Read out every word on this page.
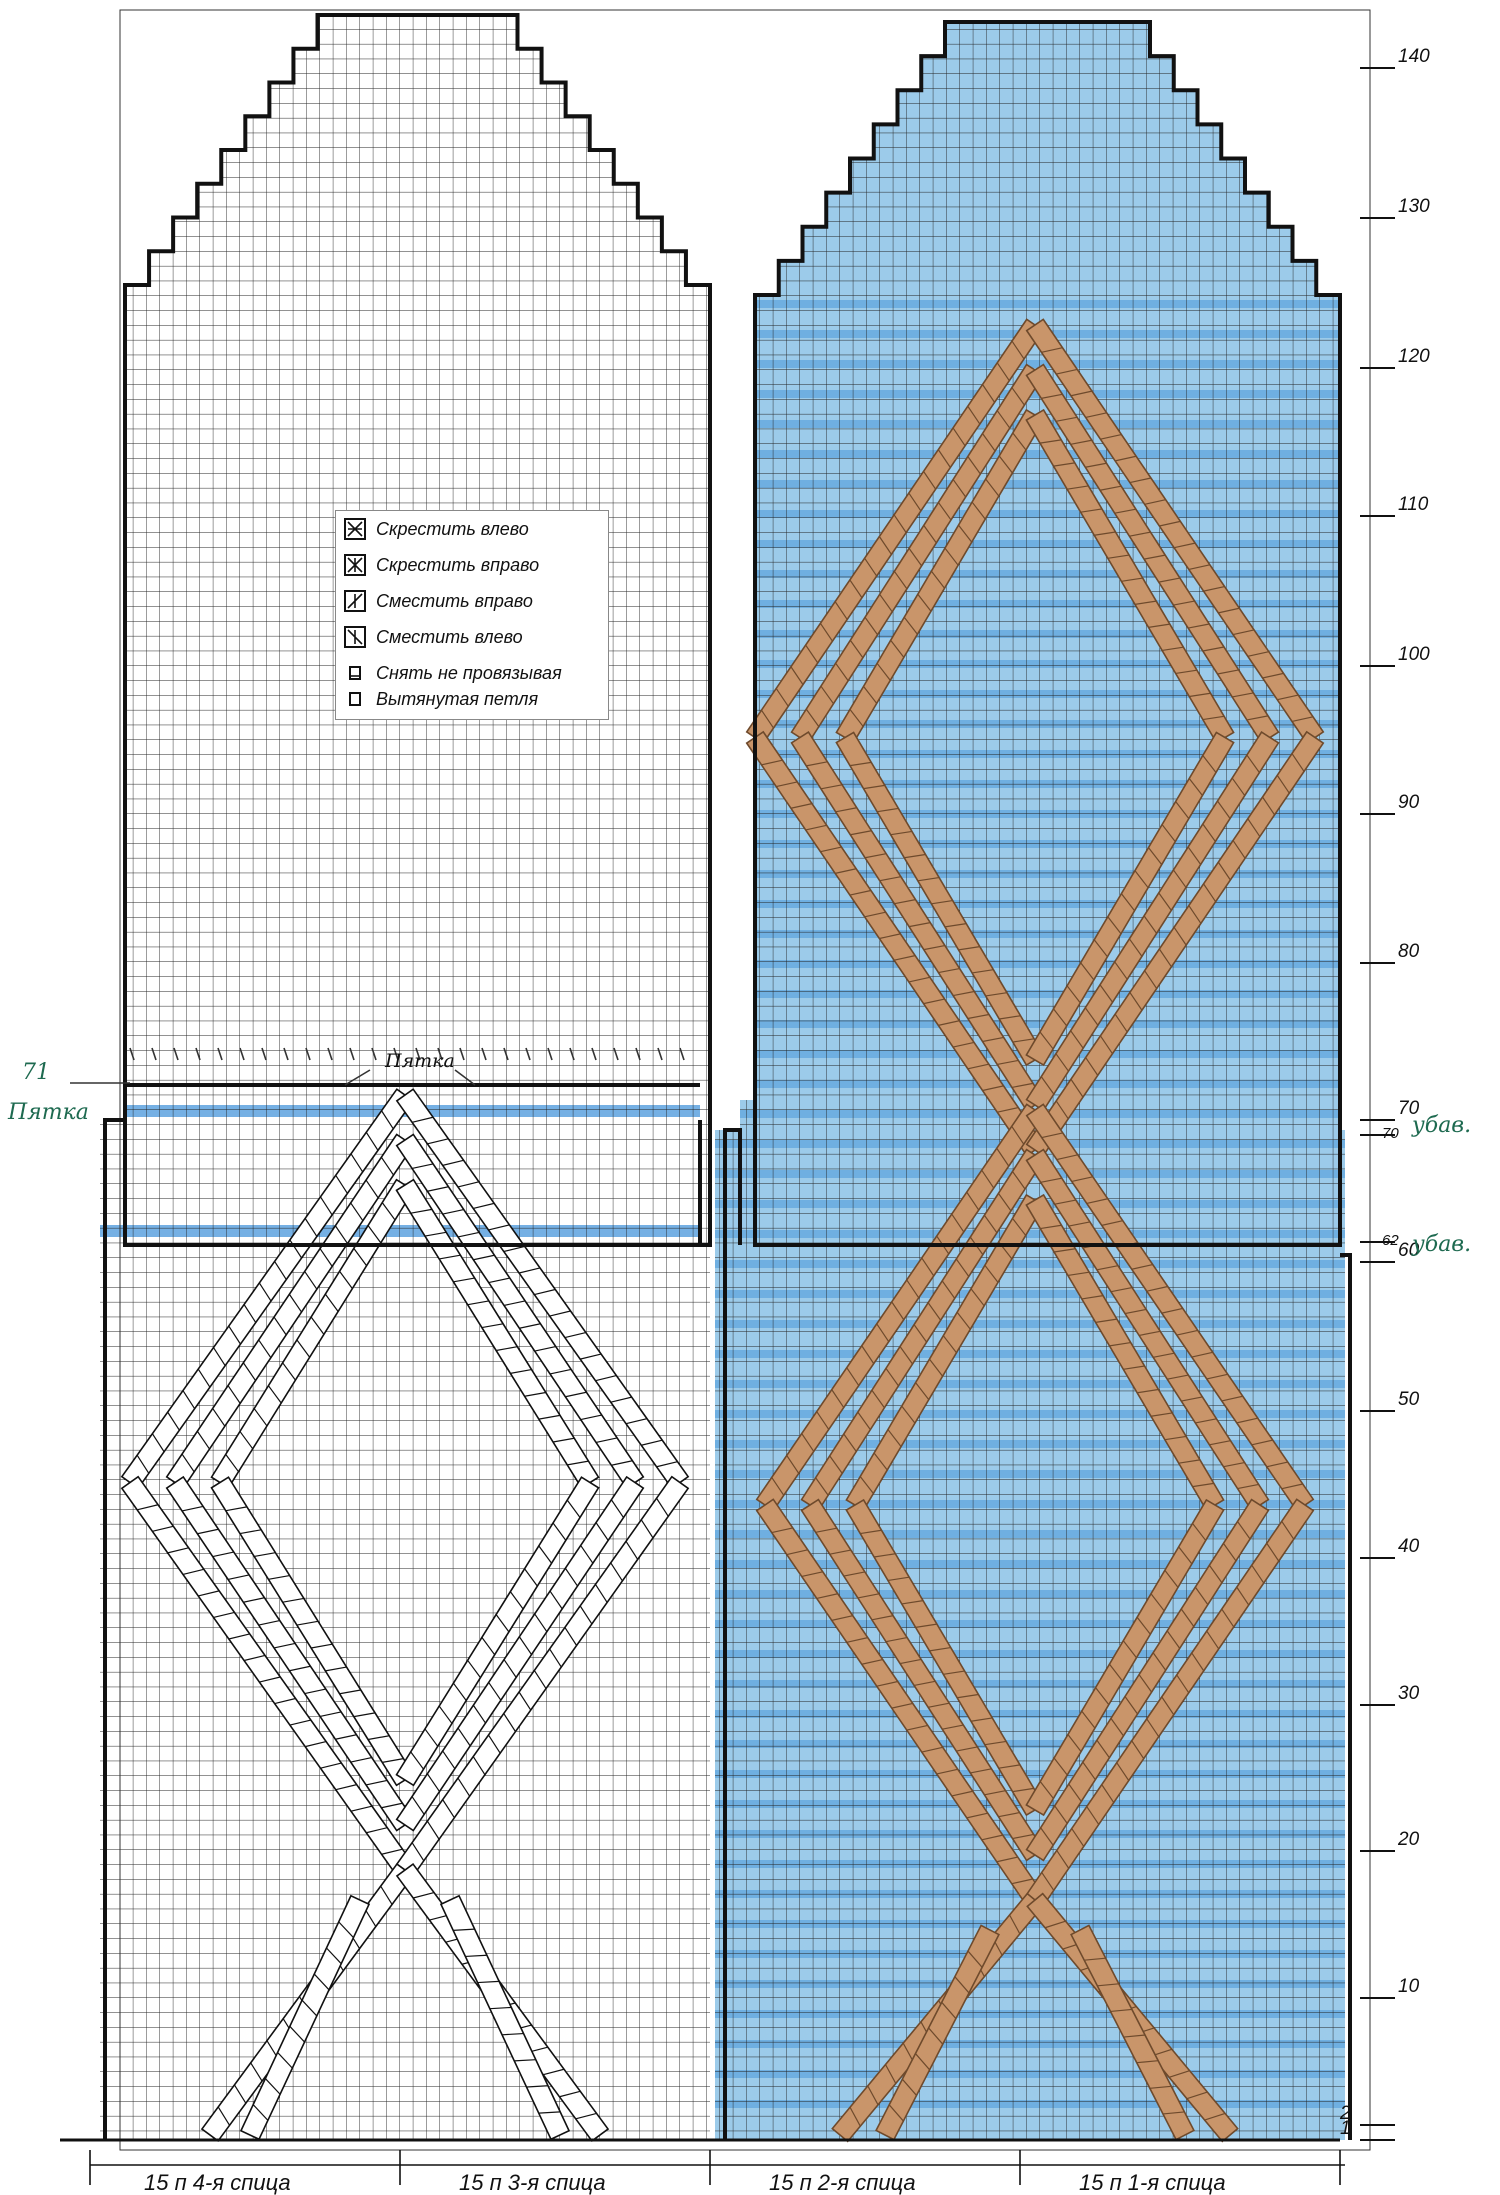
1
2
10
20
30
40
50
60
62
70
70
80
90
100
110
120
130
140
71
Пятка
Пятка
убав.
убав.
Скрестить влево
Скрестить вправо
Сместить вправо
Сместить влево
Снять не провязывая
Вытянутая петля
15 п 4-я спица	15 п 3-я спица	15 п 2-я спица	15 п 1-я спица
